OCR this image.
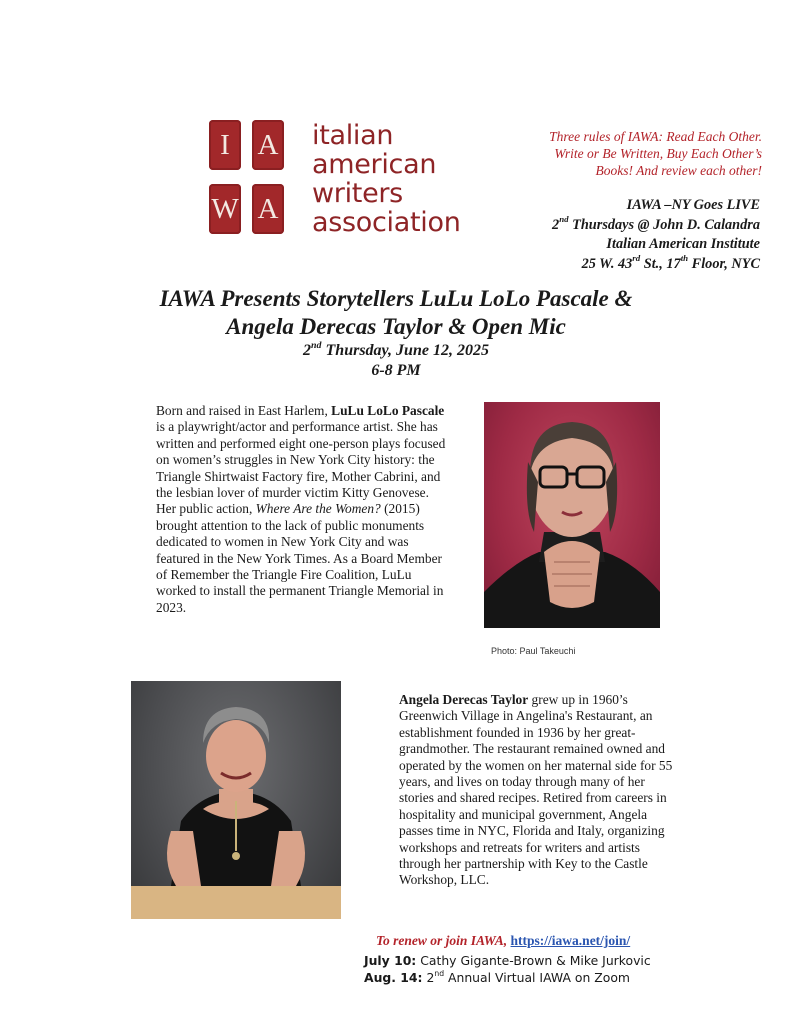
I A
W A
italian
american
writers
association
Three rules of IAWA: Read Each Other.
Write or Be Written, Buy Each Other’s
Books! And review each other!
IAWA –NY Goes LIVE
2nd Thursdays @ John D. Calandra
Italian American Institute
25 W. 43rd St., 17th Floor, NYC
IAWA Presents Storytellers LuLu LoLo Pascale &
Angela Derecas Taylor & Open Mic
2nd Thursday, June 12, 2025
6-8 PM
Born and raised in East Harlem, LuLu LoLo Pascale is a playwright/actor and performance artist. She has written and performed eight one-person plays focused on women’s struggles in New York City history: the Triangle Shirtwaist Factory fire, Mother Cabrini, and the lesbian lover of murder victim Kitty Genovese. Her public action, Where Are the Women? (2015) brought attention to the lack of public monuments dedicated to women in New York City and was featured in the New York Times. As a Board Member of Remember the Triangle Fire Coalition, LuLu worked to install the permanent Triangle Memorial in 2023.
Photo: Paul Takeuchi
Angela Derecas Taylor grew up in 1960’s Greenwich Village in Angelina's Restaurant, an establishment founded in 1936 by her great-grandmother. The restaurant remained owned and operated by the women on her maternal side for 55 years, and lives on today through many of her stories and shared recipes. Retired from careers in hospitality and municipal government, Angela passes time in NYC, Florida and Italy, organizing workshops and retreats for writers and artists through her partnership with Key to the Castle Workshop, LLC.
To renew or join IAWA, https://iawa.net/join/
July 10: Cathy Gigante-Brown & Mike Jurkovic
Aug. 14: 2nd Annual Virtual IAWA on Zoom
